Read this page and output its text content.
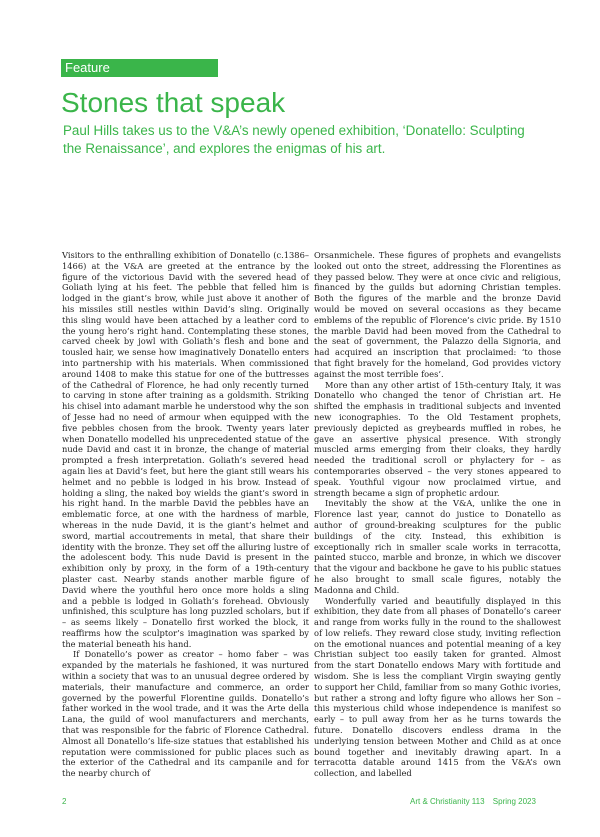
Feature
Stones that speak

Paul Hills takes us to the V&A’s newly opened exhibition, ‘Donatello: Sculpting the Renaissance’, and explores the enigmas of his art.

Visitors to the enthralling exhibition of Donatello (c.1386–1466) at the V&A are greeted at the entrance by the figure of the victorious David with the severed head of Goliath lying at his feet. The pebble that felled him is lodged in the giant’s brow, while just above it another of his missiles still nestles within David’s sling. Originally this sling would have been attached by a leather cord to the young hero’s right hand. Contemplating these stones, carved cheek by jowl with Goliath’s flesh and bone and tousled hair, we sense how imaginatively Donatello enters into partnership with his materials. When commissioned around 1408 to make this statue for one of the buttresses of the Cathedral of Florence, he had only recently turned to carving in stone after training as a goldsmith. Striking his chisel into adamant marble he understood why the son of Jesse had no need of armour when equipped with the five pebbles chosen from the brook. Twenty years later when Donatello modelled his unprecedented statue of the nude David and cast it in bronze, the change of material prompted a fresh interpretation. Goliath’s severed head again lies at David’s feet, but here the giant still wears his helmet and no pebble is lodged in his brow. Instead of holding a sling, the naked boy wields the giant’s sword in his right hand. In the marble David the pebbles have an emblematic force, at one with the hardness of marble, whereas in the nude David, it is the giant’s helmet and sword, martial accoutrements in metal, that share their identity with the bronze. They set off the alluring lustre of the adolescent body. This nude David is present in the exhibition only by proxy, in the form of a 19th-century plaster cast. Nearby stands another marble figure of David where the youthful hero once more holds a sling and a pebble is lodged in Goliath’s forehead. Obviously unfinished, this sculpture has long puzzled scholars, but if – as seems likely – Donatello first worked the block, it reaffirms how the sculptor’s imagination was sparked by the material beneath his hand.

If Donatello’s power as creator – homo faber – was expanded by the materials he fashioned, it was nurtured within a society that was to an unusual degree ordered by materials, their manufacture and commerce, an order governed by the powerful Florentine guilds. Donatello’s father worked in the wool trade, and it was the Arte della Lana, the guild of wool manufacturers and merchants, that was responsible for the fabric of Florence Cathedral. Almost all Donatello’s life-size statues that established his reputation were commissioned for public places such as the exterior of the Cathedral and its campanile and for the nearby church of

Orsanmichele. These figures of prophets and evangelists looked out onto the street, addressing the Florentines as they passed below. They were at once civic and religious, financed by the guilds but adorning Christian temples. Both the figures of the marble and the bronze David would be moved on several occasions as they became emblems of the republic of Florence’s civic pride. By 1510 the marble David had been moved from the Cathedral to the seat of government, the Palazzo della Signoria, and had acquired an inscription that proclaimed: ‘to those that fight bravely for the homeland, God provides victory against the most terrible foes’.

More than any other artist of 15th-century Italy, it was Donatello who changed the tenor of Christian art. He shifted the emphasis in traditional subjects and invented new iconographies. To the Old Testament prophets, previously depicted as greybeards muffled in robes, he gave an assertive physical presence. With strongly muscled arms emerging from their cloaks, they hardly needed the traditional scroll or phylactery for – as contemporaries observed – the very stones appeared to speak. Youthful vigour now proclaimed virtue, and strength became a sign of prophetic ardour.

Inevitably the show at the V&A, unlike the one in Florence last year, cannot do justice to Donatello as author of ground-breaking sculptures for the public buildings of the city. Instead, this exhibition is exceptionally rich in smaller scale works in terracotta, painted stucco, marble and bronze, in which we discover that the vigour and backbone he gave to his public statues he also brought to small scale figures, notably the Madonna and Child.

Wonderfully varied and beautifully displayed in this exhibition, they date from all phases of Donatello’s career and range from works fully in the round to the shallowest of low reliefs. They reward close study, inviting reflection on the emotional nuances and potential meaning of a key Christian subject too easily taken for granted. Almost from the start Donatello endows Mary with fortitude and wisdom. She is less the compliant Virgin swaying gently to support her Child, familiar from so many Gothic ivories, but rather a strong and lofty figure who allows her Son – this mysterious child whose independence is manifest so early – to pull away from her as he turns towards the future. Donatello discovers endless drama in the underlying tension between Mother and Child as at once bound together and inevitably drawing apart. In a terracotta datable around 1415 from the V&A’s own collection, and labelled

2	Art & Christianity 113 Spring 2023
